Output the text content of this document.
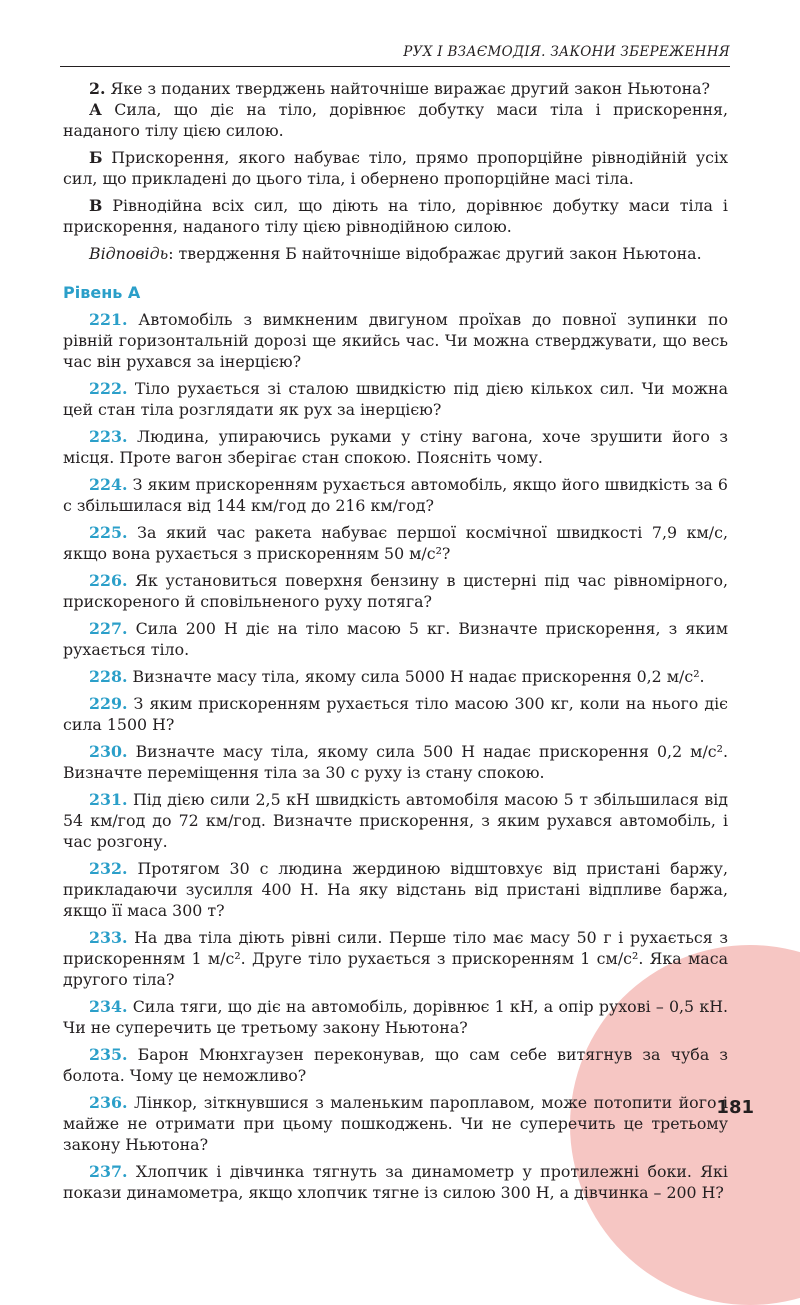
РУХ І ВЗАЄМОДІЯ. ЗАКОНИ ЗБЕРЕЖЕННЯ

2. Яке з поданих тверджень найточніше виражає другий закон Ньютона?

А Сила, що діє на тіло, дорівнює добутку маси тіла і прискорення, наданого тілу цією силою.

Б Прискорення, якого набуває тіло, прямо пропорційне рівнодійній усіх сил, що прикладені до цього тіла, і обернено пропорційне масі тіла.

В Рівнодійна всіх сил, що діють на тіло, дорівнює добутку маси тіла і прискорення, наданого тілу цією рівнодійною силою.

Відповідь: твердження Б найточніше відображає другий закон Ньютона.

Рівень А

221. Автомобіль з вимкненим двигуном проїхав до повної зупинки по рівній горизонтальній дорозі ще якийсь час. Чи можна стверджувати, що весь час він рухався за інерцією?

222. Тіло рухається зі сталою швидкістю під дією кількох сил. Чи можна цей стан тіла розглядати як рух за інерцією?

223. Людина, упираючись руками у стіну вагона, хоче зрушити його з місця. Проте вагон зберігає стан спокою. Поясніть чому.

224. З яким прискоренням рухається автомобіль, якщо його швидкість за 6 с збільшилася від 144 км/год до 216 км/год?

225. За який час ракета набуває першої космічної швидкості 7,9 км/с, якщо вона рухається з прискоренням 50 м/с²?

226. Як установиться поверхня бензину в цистерні під час рівномірного, прискореного й сповільненого руху потяга?

227. Сила 200 Н діє на тіло масою 5 кг. Визначте прискорення, з яким рухається тіло.

228. Визначте масу тіла, якому сила 5000 Н надає прискорення 0,2 м/с².

229. З яким прискоренням рухається тіло масою 300 кг, коли на нього діє сила 1500 Н?

230. Визначте масу тіла, якому сила 500 Н надає прискорення 0,2 м/с². Визначте переміщення тіла за 30 с руху із стану спокою.

231. Під дією сили 2,5 кН швидкість автомобіля масою 5 т збільшилася від 54 км/год до 72 км/год. Визначте прискорення, з яким рухався автомобіль, і час розгону.

232. Протягом 30 с людина жердиною відштовхує від пристані баржу, прикладаючи зусилля 400 Н. На яку відстань від пристані відпливе баржа, якщо її маса 300 т?

233. На два тіла діють рівні сили. Перше тіло має масу 50 г і рухається з прискоренням 1 м/с². Друге тіло рухається з прискоренням 1 см/с². Яка маса другого тіла?

234. Сила тяги, що діє на автомобіль, дорівнює 1 кН, а опір рухові – 0,5 кН. Чи не суперечить це третьому закону Ньютона?

235. Барон Мюнхгаузен переконував, що сам себе витягнув за чуба з болота. Чому це неможливо?

236. Лінкор, зіткнувшися з маленьким пароплавом, може потопити його і майже не отримати при цьому пошкоджень. Чи не суперечить це третьому закону Ньютона?

237. Хлопчик і дівчинка тягнуть за динамометр у протилежні боки. Які покази динамометра, якщо хлопчик тягне із силою 300 Н, а дівчинка – 200 Н?

181
